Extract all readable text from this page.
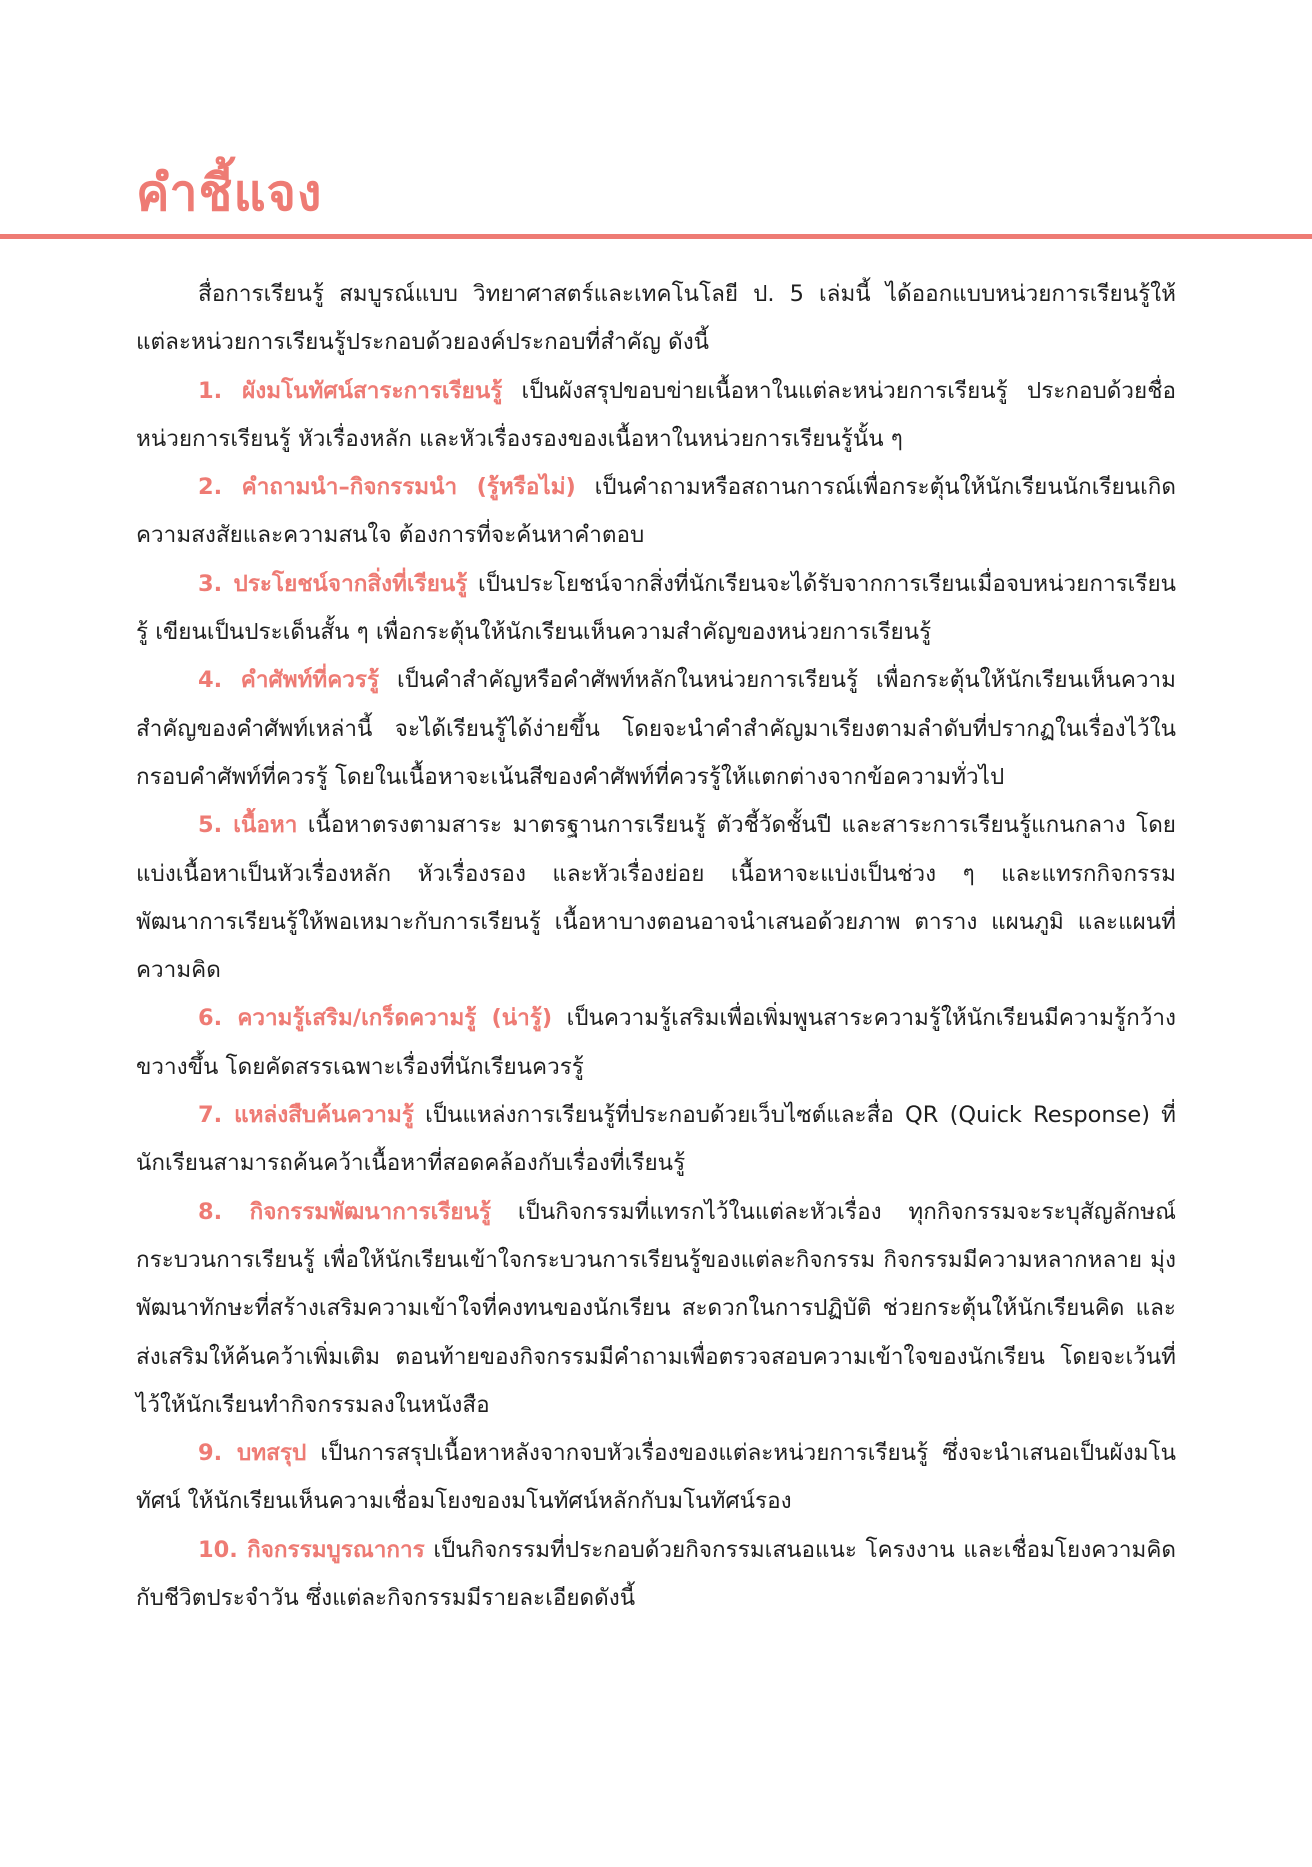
คำชี้แจง

สื่อการเรียนรู้ สมบูรณ์แบบ วิทยาศาสตร์และเทคโนโลยี ป. 5 เล่มนี้ ได้ออกแบบหน่วยการเรียนรู้ให้แต่ละหน่วยการเรียนรู้ประกอบด้วยองค์ประกอบที่สำคัญ ดังนี้

1. ผังมโนทัศน์สาระการเรียนรู้ เป็นผังสรุปขอบข่ายเนื้อหาในแต่ละหน่วยการเรียนรู้ ประกอบด้วยชื่อหน่วยการเรียนรู้ หัวเรื่องหลัก และหัวเรื่องรองของเนื้อหาในหน่วยการเรียนรู้นั้น ๆ

2. คำถามนำ–กิจกรรมนำ (รู้หรือไม่) เป็นคำถามหรือสถานการณ์เพื่อกระตุ้นให้นักเรียนนักเรียนเกิดความสงสัยและความสนใจ ต้องการที่จะค้นหาคำตอบ

3. ประโยชน์จากสิ่งที่เรียนรู้ เป็นประโยชน์จากสิ่งที่นักเรียนจะได้รับจากการเรียนเมื่อจบหน่วยการเรียนรู้ เขียนเป็นประเด็นสั้น ๆ เพื่อกระตุ้นให้นักเรียนเห็นความสำคัญของหน่วยการเรียนรู้

4. คำศัพท์ที่ควรรู้ เป็นคำสำคัญหรือคำศัพท์หลักในหน่วยการเรียนรู้ เพื่อกระตุ้นให้นักเรียนเห็นความสำคัญของคำศัพท์เหล่านี้ จะได้เรียนรู้ได้ง่ายขึ้น โดยจะนำคำสำคัญมาเรียงตามลำดับที่ปรากฏในเรื่องไว้ในกรอบคำศัพท์ที่ควรรู้ โดยในเนื้อหาจะเน้นสีของคำศัพท์ที่ควรรู้ให้แตกต่างจากข้อความทั่วไป

5. เนื้อหา เนื้อหาตรงตามสาระ มาตรฐานการเรียนรู้ ตัวชี้วัดชั้นปี และสาระการเรียนรู้แกนกลาง โดยแบ่งเนื้อหาเป็นหัวเรื่องหลัก หัวเรื่องรอง และหัวเรื่องย่อย เนื้อหาจะแบ่งเป็นช่วง ๆ และแทรกกิจกรรมพัฒนาการเรียนรู้ให้พอเหมาะกับการเรียนรู้ เนื้อหาบางตอนอาจนำเสนอด้วยภาพ ตาราง แผนภูมิ และแผนที่ความคิด

6. ความรู้เสริม/เกร็ดความรู้ (น่ารู้) เป็นความรู้เสริมเพื่อเพิ่มพูนสาระความรู้ให้นักเรียนมีความรู้กว้างขวางขึ้น โดยคัดสรรเฉพาะเรื่องที่นักเรียนควรรู้

7. แหล่งสืบค้นความรู้ เป็นแหล่งการเรียนรู้ที่ประกอบด้วยเว็บไซต์และสื่อ QR (Quick Response) ที่นักเรียนสามารถค้นคว้าเนื้อหาที่สอดคล้องกับเรื่องที่เรียนรู้

8. กิจกรรมพัฒนาการเรียนรู้ เป็นกิจกรรมที่แทรกไว้ในแต่ละหัวเรื่อง ทุกกิจกรรมจะระบุสัญลักษณ์กระบวนการเรียนรู้ เพื่อให้นักเรียนเข้าใจกระบวนการเรียนรู้ของแต่ละกิจกรรม กิจกรรมมีความหลากหลาย มุ่งพัฒนาทักษะที่สร้างเสริมความเข้าใจที่คงทนของนักเรียน สะดวกในการปฏิบัติ ช่วยกระตุ้นให้นักเรียนคิด และส่งเสริมให้ค้นคว้าเพิ่มเติม ตอนท้ายของกิจกรรมมีคำถามเพื่อตรวจสอบความเข้าใจของนักเรียน โดยจะเว้นที่ไว้ให้นักเรียนทำกิจกรรมลงในหนังสือ

9. บทสรุป เป็นการสรุปเนื้อหาหลังจากจบหัวเรื่องของแต่ละหน่วยการเรียนรู้ ซึ่งจะนำเสนอเป็นผังมโนทัศน์ ให้นักเรียนเห็นความเชื่อมโยงของมโนทัศน์หลักกับมโนทัศน์รอง

10. กิจกรรมบูรณาการ เป็นกิจกรรมที่ประกอบด้วยกิจกรรมเสนอแนะ โครงงาน และเชื่อมโยงความคิดกับชีวิตประจำวัน ซึ่งแต่ละกิจกรรมมีรายละเอียดดังนี้
